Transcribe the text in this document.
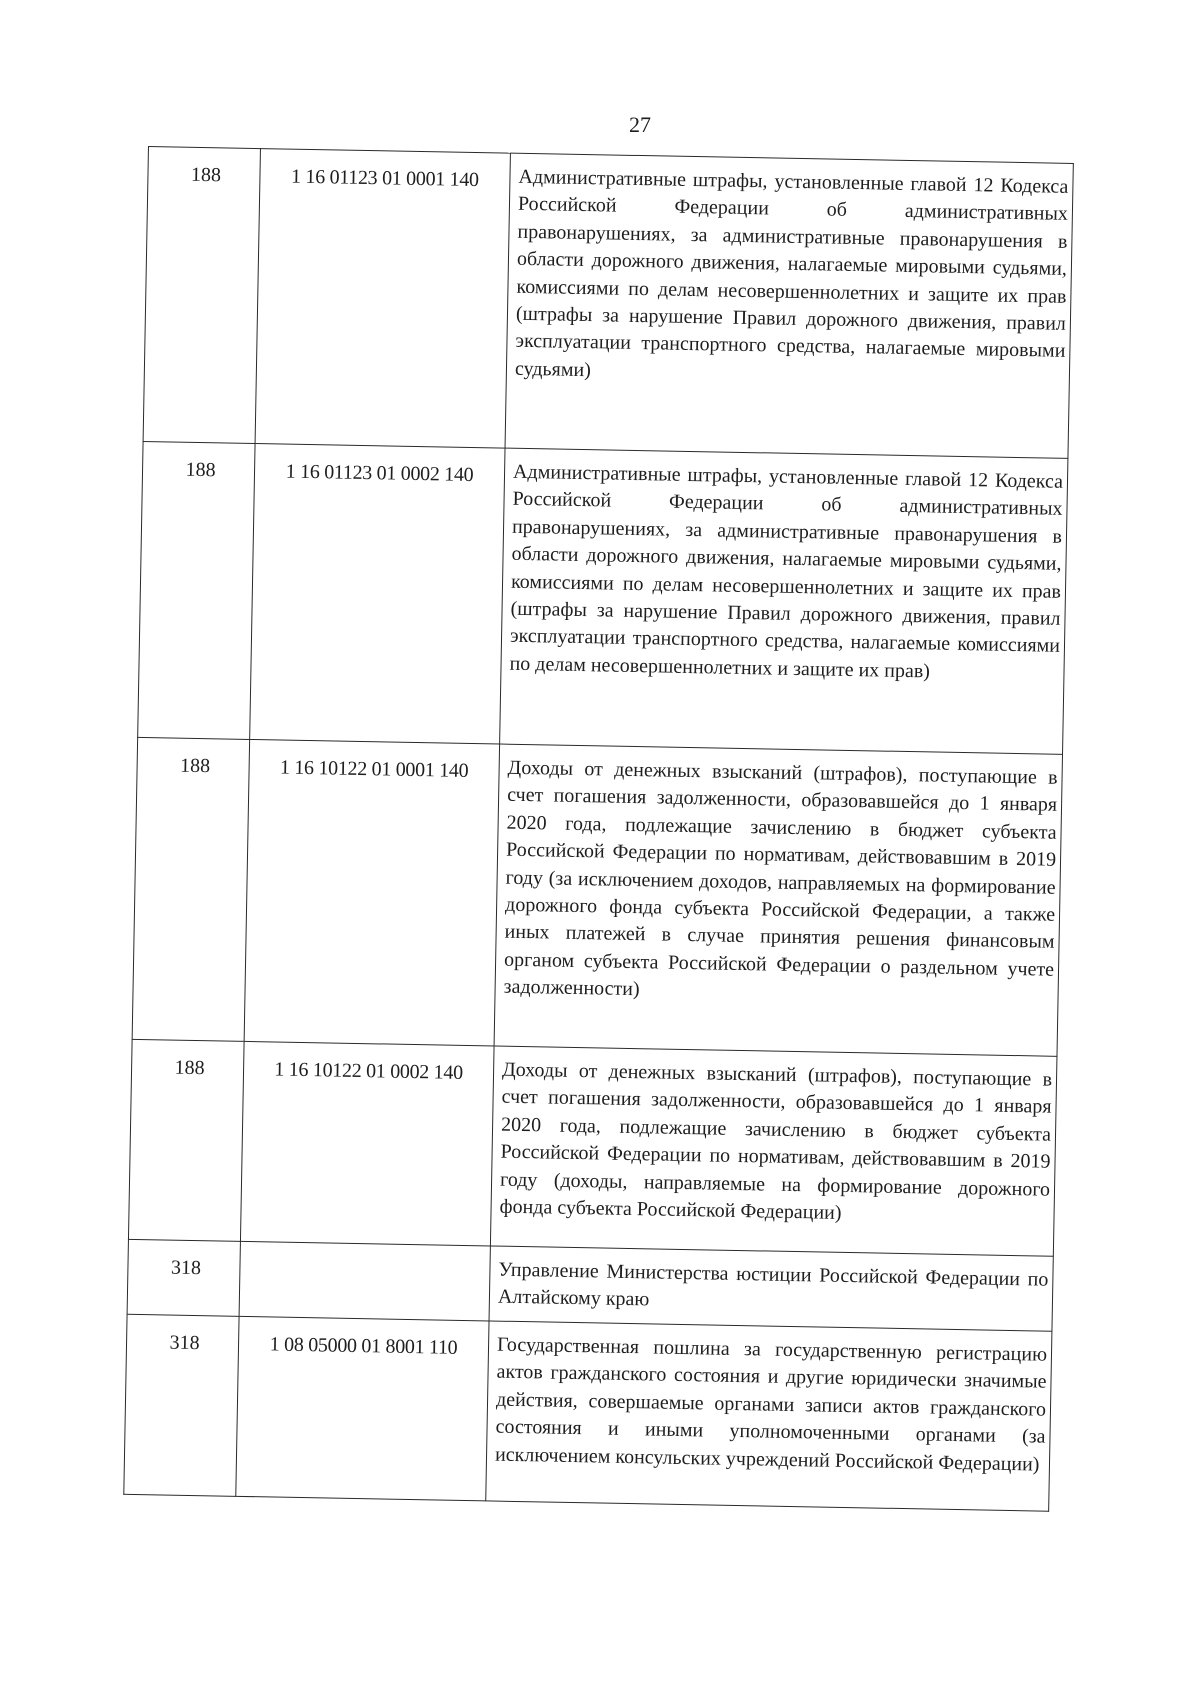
27
188	1 16 01123 01 0001 140	Административные штрафы, установленные главой 12 Кодекса Российской Федерации об административных правонарушениях, за административные правонарушения в области дорожного движения, налагаемые мировыми судьями, комиссиями по делам несовершеннолетних и защите их прав (штрафы за нарушение Правил дорожного движения, правил эксплуатации транспортного средства, налагаемые мировыми судьями)
188	1 16 01123 01 0002 140	Административные штрафы, установленные главой 12 Кодекса Российской Федерации об административных правонарушениях, за административные правонарушения в области дорожного движения, налагаемые мировыми судьями, комиссиями по делам несовершеннолетних и защите их прав (штрафы за нарушение Правил дорожного движения, правил эксплуатации транспортного средства, налагаемые комиссиями по делам несовершеннолетних и защите их прав)
188	1 16 10122 01 0001 140	Доходы от денежных взысканий (штрафов), поступающие в счет погашения задолженности, образовавшейся до 1 января 2020 года, подлежащие зачислению в бюджет субъекта Российской Федерации по нормативам, действовавшим в 2019 году (за исключением доходов, направляемых на формирование дорожного фонда субъекта Российской Федерации, а также иных платежей в случае принятия решения финансовым органом субъекта Российской Федерации о раздельном учете задолженности)
188	1 16 10122 01 0002 140	Доходы от денежных взысканий (штрафов), поступающие в счет погашения задолженности, образовавшейся до 1 января 2020 года, подлежащие зачислению в бюджет субъекта Российской Федерации по нормативам, действовавшим в 2019 году (доходы, направляемые на формирование дорожного фонда субъекта Российской Федерации)
318		Управление Министерства юстиции Российской Федерации по Алтайскому краю
318	1 08 05000 01 8001 110	Государственная пошлина за государственную регистрацию актов гражданского состояния и другие юридически значимые действия, совершаемые органами записи актов гражданского состояния и иными уполномоченными органами (за исключением консульских учреждений Российской Федерации)
